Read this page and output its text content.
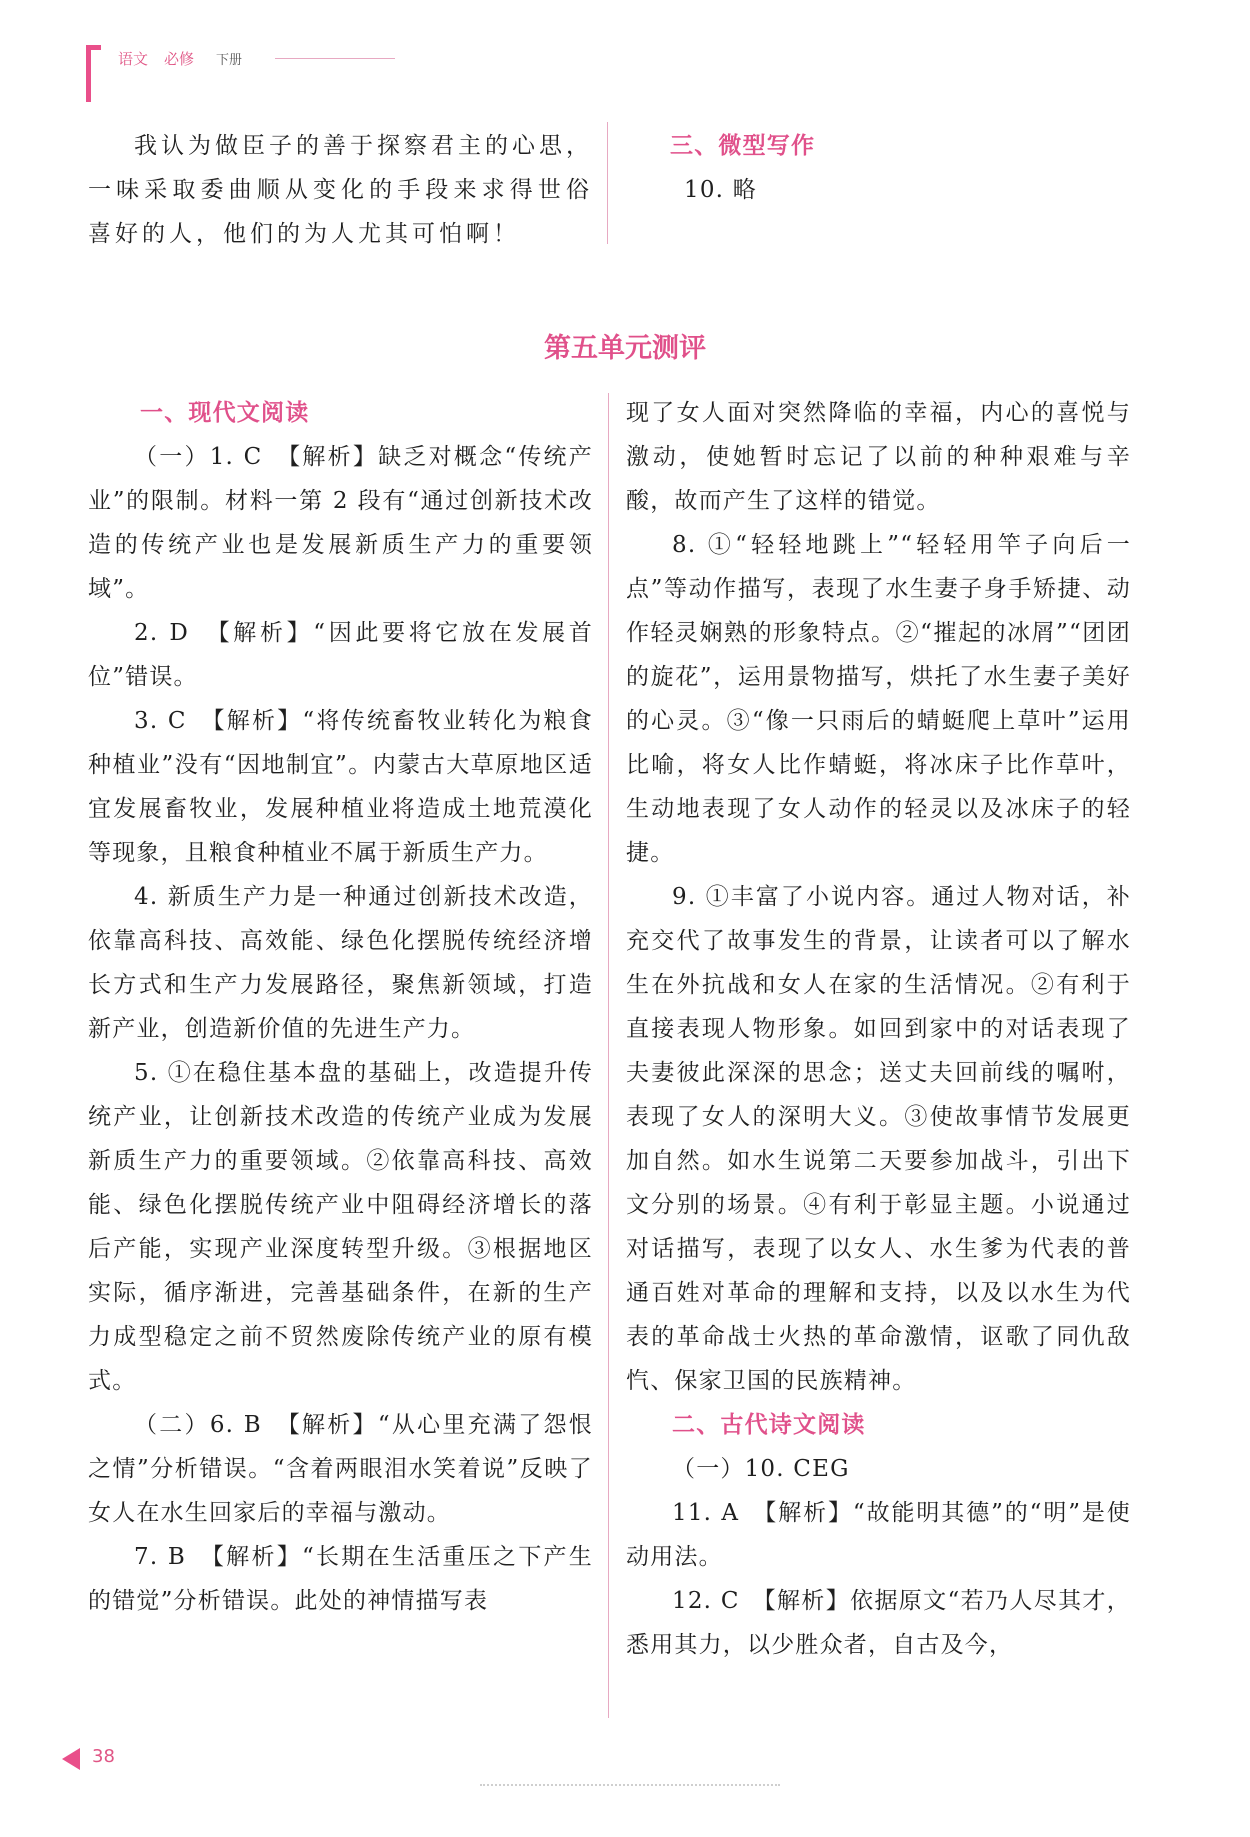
语文 必修 下册

我认为做臣子的善于探察君主的心思，一味采取委曲顺从变化的手段来求得世俗喜好的人，他们的为人尤其可怕啊！

三、微型写作

10. 略

第五单元测评

一、现代文阅读

（一）1. C　【解析】缺乏对概念“传统产业”的限制。材料一第 2 段有“通过创新技术改造的传统产业也是发展新质生产力的重要领域”。

2. D　【解析】“因此要将它放在发展首位”错误。

3. C　【解析】“将传统畜牧业转化为粮食种植业”没有“因地制宜”。内蒙古大草原地区适宜发展畜牧业，发展种植业将造成土地荒漠化等现象，且粮食种植业不属于新质生产力。

4. 新质生产力是一种通过创新技术改造，依靠高科技、高效能、绿色化摆脱传统经济增长方式和生产力发展路径，聚焦新领域，打造新产业，创造新价值的先进生产力。

5. ①在稳住基本盘的基础上，改造提升传统产业，让创新技术改造的传统产业成为发展新质生产力的重要领域。②依靠高科技、高效能、绿色化摆脱传统产业中阻碍经济增长的落后产能，实现产业深度转型升级。③根据地区实际，循序渐进，完善基础条件，在新的生产力成型稳定之前不贸然废除传统产业的原有模式。

（二）6. B　【解析】“从心里充满了怨恨之情”分析错误。“含着两眼泪水笑着说”反映了女人在水生回家后的幸福与激动。

7. B　【解析】“长期在生活重压之下产生的错觉”分析错误。此处的神情描写表

现了女人面对突然降临的幸福，内心的喜悦与激动，使她暂时忘记了以前的种种艰难与辛酸，故而产生了这样的错觉。

8. ①“轻轻地跳上”“轻轻用竿子向后一点”等动作描写，表现了水生妻子身手矫捷、动作轻灵娴熟的形象特点。②“摧起的冰屑”“团团的旋花”，运用景物描写，烘托了水生妻子美好的心灵。③“像一只雨后的蜻蜓爬上草叶”运用比喻，将女人比作蜻蜓，将冰床子比作草叶，生动地表现了女人动作的轻灵以及冰床子的轻捷。

9. ①丰富了小说内容。通过人物对话，补充交代了故事发生的背景，让读者可以了解水生在外抗战和女人在家的生活情况。②有利于直接表现人物形象。如回到家中的对话表现了夫妻彼此深深的思念；送丈夫回前线的嘱咐，表现了女人的深明大义。③使故事情节发展更加自然。如水生说第二天要参加战斗，引出下文分别的场景。④有利于彰显主题。小说通过对话描写，表现了以女人、水生爹为代表的普通百姓对革命的理解和支持，以及以水生为代表的革命战士火热的革命激情，讴歌了同仇敌忾、保家卫国的民族精神。

二、古代诗文阅读

（一）10. CEG

11. A　【解析】“故能明其德”的“明”是使动用法。

12. C　【解析】依据原文“若乃人尽其才，悉用其力，以少胜众者，自古及今，

38
